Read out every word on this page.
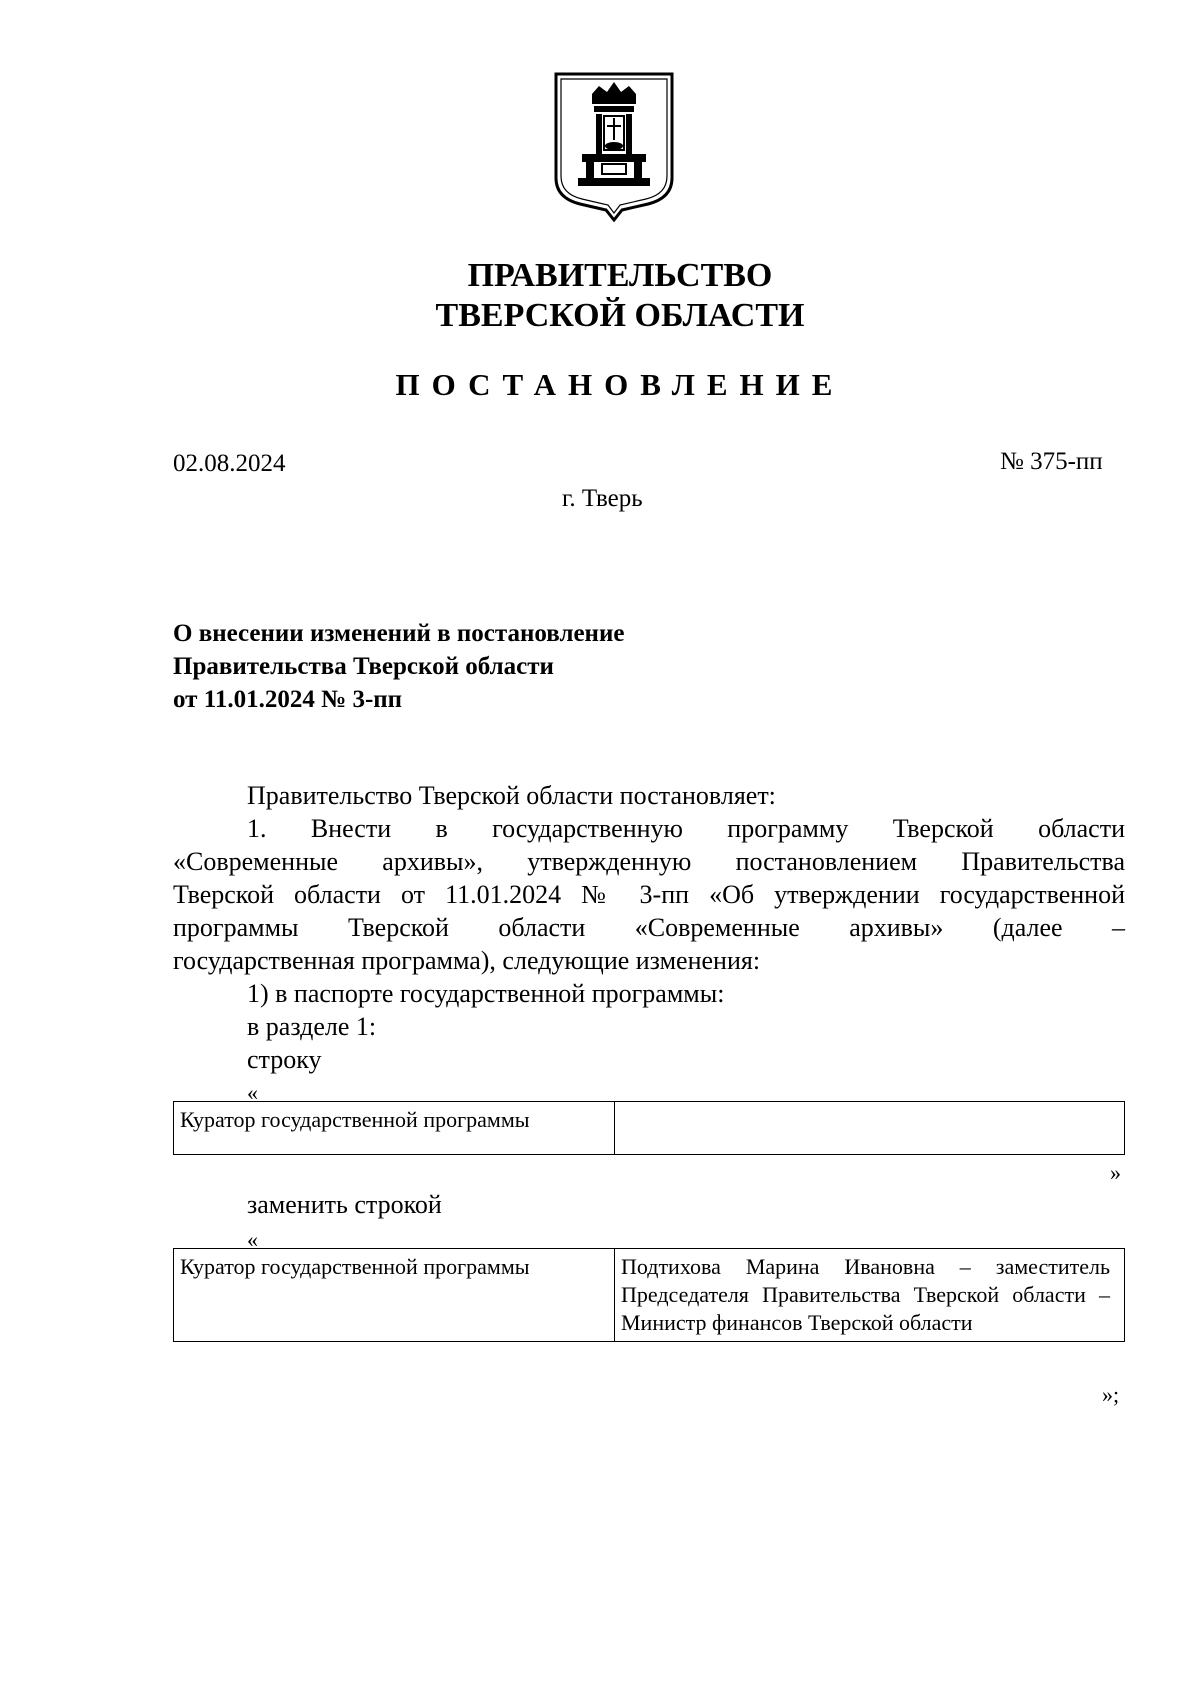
ПРАВИТЕЛЬСТВО
ТВЕРСКОЙ ОБЛАСТИ
ПОСТАНОВЛЕНИЕ
02.08.2024	№ 375-пп
г. Тверь
О внесении изменений в постановление
Правительства Тверской области
от 11.01.2024 № 3-пп
Правительство Тверской области постановляет:
1. Внести в государственную программу Тверской области
«Современные архивы», утвержденную постановлением Правительства
Тверской области от 11.01.2024 № 3-пп «Об утверждении государственной
программы Тверской области «Современные архивы» (далее –
государственная программа), следующие изменения:
1) в паспорте государственной программы:
в разделе 1:
строку
«
Куратор государственной программы	
»
заменить строкой
«
Куратор государственной программы	Подтихова Марина Ивановна – заместитель Председателя Правительства Тверской области – Министр финансов Тверской области
»;
